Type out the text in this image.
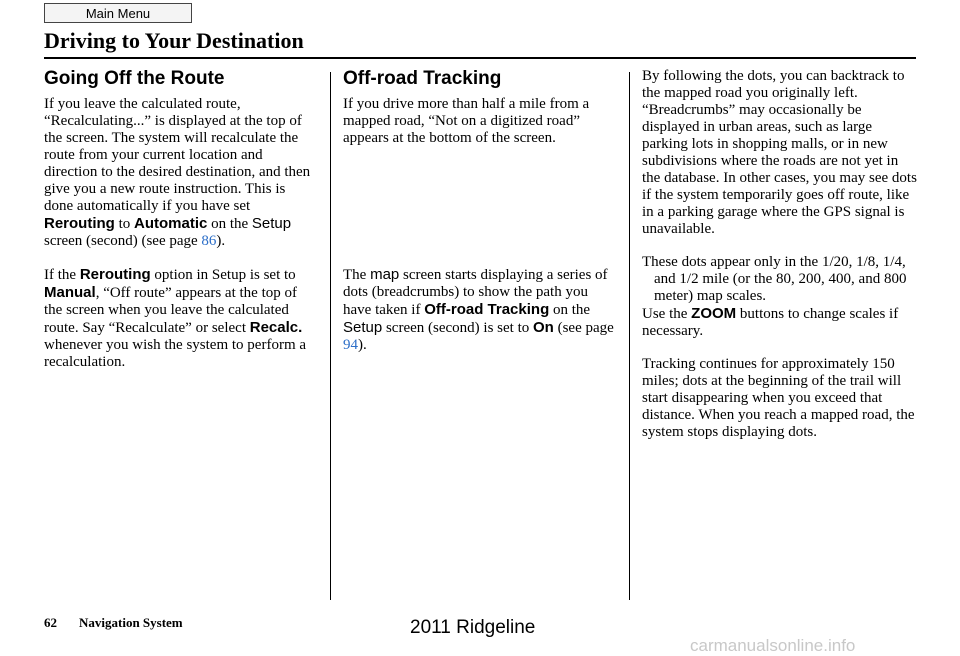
Main Menu
Driving to Your Destination
Going Off the Route

If you leave the calculated route, “Recalculating...” is displayed at the top of the screen. The system will recalculate the route from your current location and direction to the desired destination, and then give you a new route instruction. This is done automatically if you have set Rerouting to Automatic on the Setup screen (second) (see page 86).

If the Rerouting option in Setup is set to Manual, “Off route” appears at the top of the screen when you leave the calculated route. Say “Recalculate” or select Recalc. whenever you wish the system to perform a recalculation.

Off-road Tracking

If you drive more than half a mile from a mapped road, “Not on a digitized road” appears at the bottom of the screen.

The map screen starts displaying a series of dots (breadcrumbs) to show the path you have taken if Off-road Tracking on the Setup screen (second) is set to On (see page 94).

By following the dots, you can backtrack to the mapped road you originally left. “Breadcrumbs” may occasionally be displayed in urban areas, such as large parking lots in shopping malls, or in new subdivisions where the roads are not yet in the database. In other cases, you may see dots if the system temporarily goes off route, like in a parking garage where the GPS signal is unavailable.

These dots appear only in the 1/20, 1/8, 1/4, and 1/2 mile (or the 80, 200, 400, and 800 meter) map scales.

Use the ZOOM buttons to change scales if necessary.

Tracking continues for approximately 150 miles; dots at the beginning of the trail will start disappearing when you exceed that distance. When you reach a mapped road, the system stops displaying dots.

62 Navigation System	2011 Ridgeline
carmanualsonline.info
